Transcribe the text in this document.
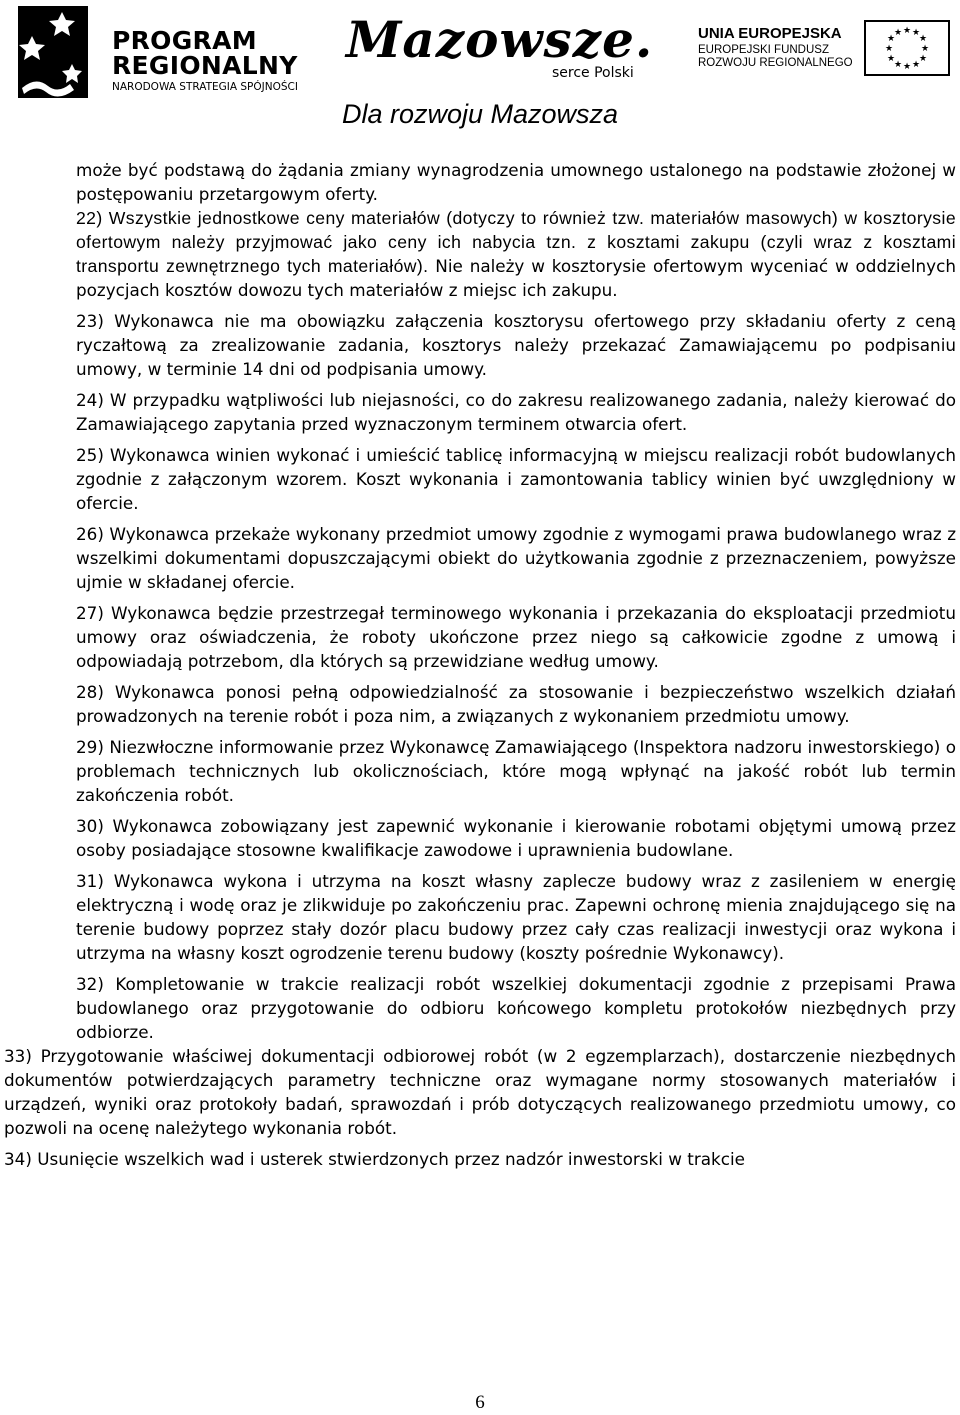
PROGRAM
REGIONALNY
NARODOWA STRATEGIA SPÓJNOŚCI
Mazowsze.
serce Polski
UNIA EUROPEJSKA
EUROPEJSKI FUNDUSZ
ROZWOJU REGIONALNEGO
★ ★
★
★
★
★
★
★
★
★
★
★
Dla rozwoju Mazowsza

może być podstawą do żądania zmiany wynagrodzenia umownego ustalonego na podstawie złożonej w postępowaniu przetargowym oferty.

22) Wszystkie jednostkowe ceny materiałów (dotyczy to również tzw. materiałów masowych) w kosztorysie ofertowym należy przyjmować jako ceny ich nabycia tzn. z kosztami zakupu (czyli wraz z kosztami transportu zewnętrznego tych materiałów). Nie należy w kosztorysie ofertowym wyceniać w oddzielnych pozycjach kosztów dowozu tych materiałów z miejsc ich zakupu.

23) Wykonawca nie ma obowiązku załączenia kosztorysu ofertowego przy składaniu oferty z ceną ryczałtową za zrealizowanie zadania, kosztorys należy przekazać Zamawiającemu po podpisaniu umowy, w terminie 14 dni od podpisania umowy.

24) W przypadku wątpliwości lub niejasności, co do zakresu realizowanego zadania, należy kierować do Zamawiającego zapytania przed wyznaczonym terminem otwarcia ofert.

25) Wykonawca winien wykonać i umieścić tablicę informacyjną w miejscu realizacji robót budowlanych zgodnie z załączonym wzorem. Koszt wykonania i zamontowania tablicy winien być uwzględniony w ofercie.

26) Wykonawca przekaże wykonany przedmiot umowy zgodnie z wymogami prawa budowlanego wraz z wszelkimi dokumentami dopuszczającymi obiekt do użytkowania zgodnie z przeznaczeniem, powyższe ujmie w składanej ofercie.

27) Wykonawca będzie przestrzegał terminowego wykonania i przekazania do eksploatacji przedmiotu umowy oraz oświadczenia, że roboty ukończone przez niego są całkowicie zgodne z umową i odpowiadają potrzebom, dla których są przewidziane według umowy.

28) Wykonawca ponosi pełną odpowiedzialność za stosowanie i bezpieczeństwo wszelkich działań prowadzonych na terenie robót i poza nim, a związanych z wykonaniem przedmiotu umowy.

29) Niezwłoczne informowanie przez Wykonawcę Zamawiającego (Inspektora nadzoru inwestorskiego) o problemach technicznych lub okolicznościach, które mogą wpłynąć na jakość robót lub termin zakończenia robót.

30) Wykonawca zobowiązany jest zapewnić wykonanie i kierowanie robotami objętymi umową przez osoby posiadające stosowne kwalifikacje zawodowe i uprawnienia budowlane.

31) Wykonawca wykona i utrzyma na koszt własny zaplecze budowy wraz z zasileniem w energię elektryczną i wodę oraz je zlikwiduje po zakończeniu prac. Zapewni ochronę mienia znajdującego się na terenie budowy poprzez stały dozór placu budowy przez cały czas realizacji inwestycji oraz wykona i utrzyma na własny koszt ogrodzenie terenu budowy (koszty pośrednie Wykonawcy).

32) Kompletowanie w trakcie realizacji robót wszelkiej dokumentacji zgodnie z przepisami Prawa budowlanego oraz przygotowanie do odbioru końcowego kompletu protokołów niezbędnych przy odbiorze.

33) Przygotowanie właściwej dokumentacji odbiorowej robót (w 2 egzemplarzach), dostarczenie niezbędnych dokumentów potwierdzających parametry techniczne oraz wymagane normy stosowanych materiałów i urządzeń, wyniki oraz protokoły badań, sprawozdań i prób dotyczących realizowanego przedmiotu umowy, co pozwoli na ocenę należytego wykonania robót.

34) Usunięcie wszelkich wad i usterek stwierdzonych przez nadzór inwestorski w trakcie

6
